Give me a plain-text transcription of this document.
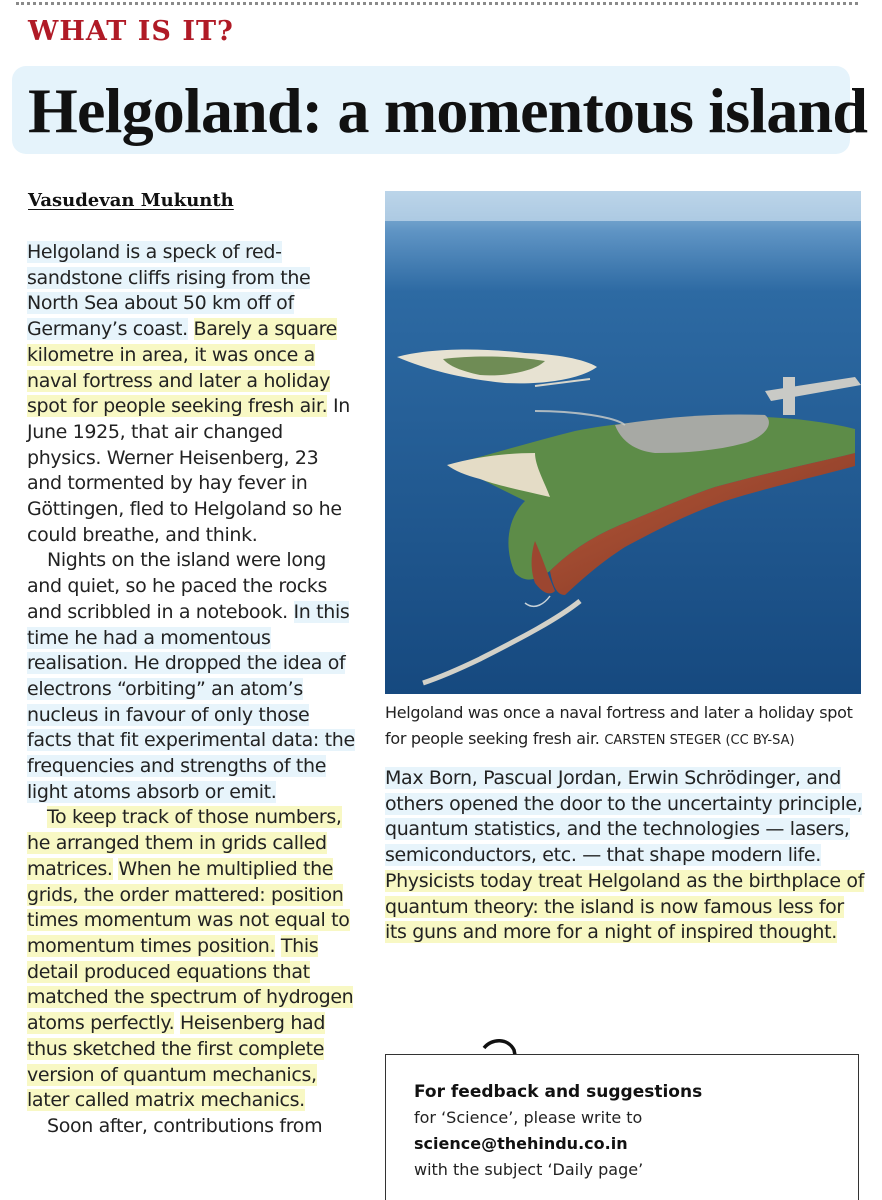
WHAT IS IT?
Helgoland: a momentous island
Vasudevan Mukunth

Helgoland is a speck of red-sandstone cliffs rising from the North Sea about 50 km off of Germany’s coast. Barely a square kilometre in area, it was once a naval fortress and later a holiday spot for people seeking fresh air. In June 1925, that air changed physics. Werner Heisenberg, 23 and tormented by hay fever in Göttingen, fled to Helgoland so he could breathe, and think.

Nights on the island were long and quiet, so he paced the rocks and scribbled in a notebook. In this time he had a momentous realisation. He dropped the idea of electrons “orbiting” an atom’s nucleus in favour of only those facts that fit experimental data: the frequencies and strengths of the light atoms absorb or emit.

To keep track of those numbers, he arranged them in grids called matrices. When he multiplied the grids, the order mattered: position times momentum was not equal to momentum times position. This detail produced equations that matched the spectrum of hydrogen atoms perfectly. Heisenberg had thus sketched the first complete version of quantum mechanics, later called matrix mechanics.

Soon after, contributions from

Helgoland was once a naval fortress and later a holiday spot for people seeking fresh air. CARSTEN STEGER (CC BY-SA)

Max Born, Pascual Jordan, Erwin Schrödinger, and others opened the door to the uncertainty principle, quantum statistics, and the technologies — lasers, semiconductors, etc. — that shape modern life.

Physicists today treat Helgoland as the birthplace of quantum theory: the island is now famous less for its guns and more for a night of inspired thought.

For feedback and suggestions
for ‘Science’, please write to
science@thehindu.co.in
with the subject ‘Daily page’
